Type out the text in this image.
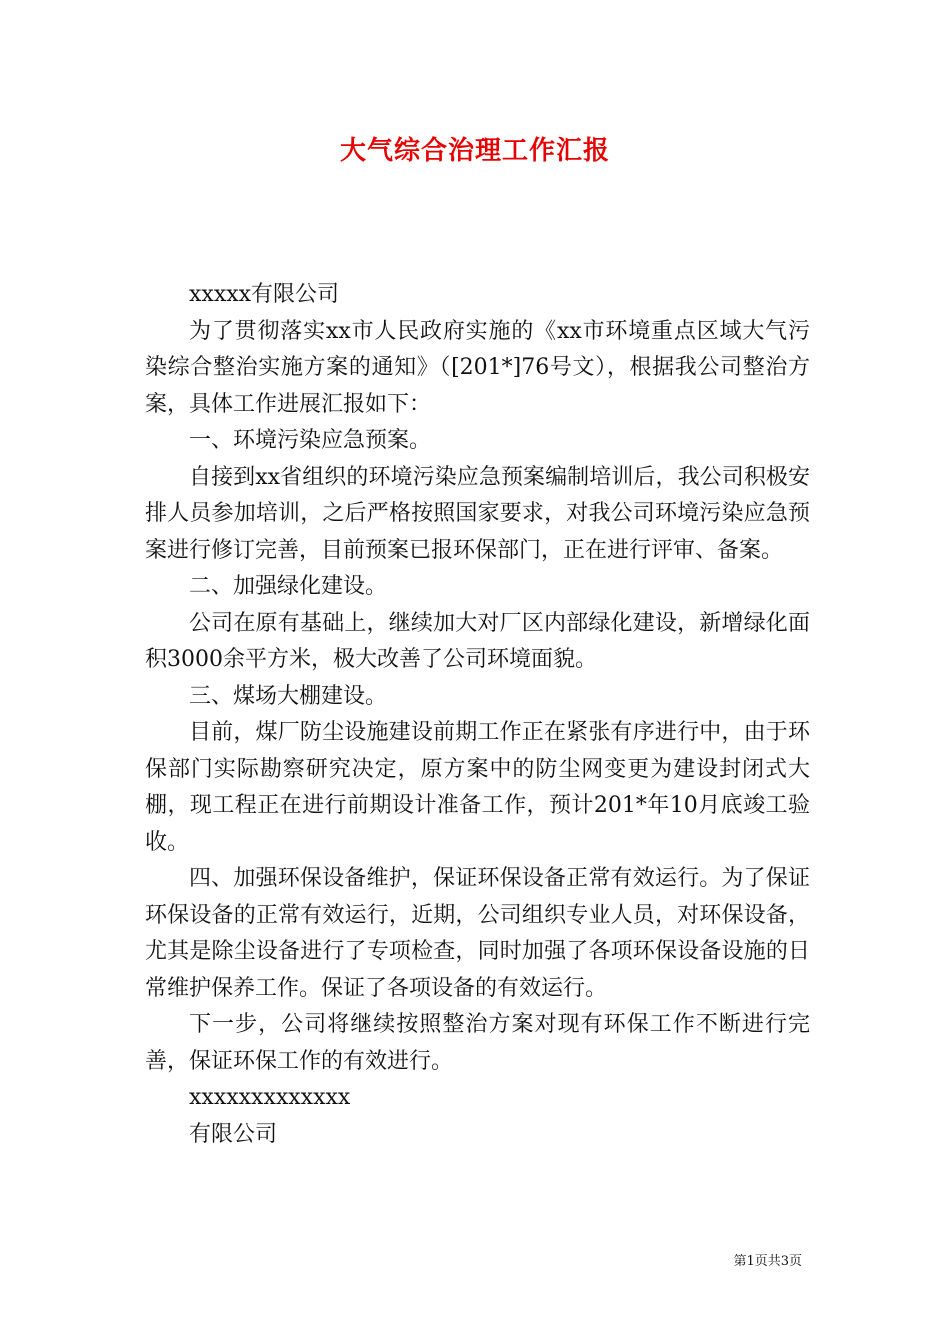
大气综合治理工作汇报

xxxxx有限公司

为了贯彻落实xx市人民政府实施的《xx市环境重点区域大气污染综合整治实施方案的通知》（[201*]76号文），根据我公司整治方案，具体工作进展汇报如下：

一、环境污染应急预案。

自接到xx省组织的环境污染应急预案编制培训后，我公司积极安排人员参加培训，之后严格按照国家要求，对我公司环境污染应急预案进行修订完善，目前预案已报环保部门，正在进行评审、备案。

二、加强绿化建设。

公司在原有基础上，继续加大对厂区内部绿化建设，新增绿化面积3000余平方米，极大改善了公司环境面貌。

三、煤场大棚建设。

目前，煤厂防尘设施建设前期工作正在紧张有序进行中，由于环保部门实际勘察研究决定，原方案中的防尘网变更为建设封闭式大棚，现工程正在进行前期设计准备工作，预计201*年10月底竣工验收。

四、加强环保设备维护，保证环保设备正常有效运行。为了保证环保设备的正常有效运行，近期，公司组织专业人员，对环保设备，尤其是除尘设备进行了专项检查，同时加强了各项环保设备设施的日常维护保养工作。保证了各项设备的有效运行。

下一步，公司将继续按照整治方案对现有环保工作不断进行完善，保证环保工作的有效进行。

xxxxxxxxxxxxx

有限公司

第1页共3页
